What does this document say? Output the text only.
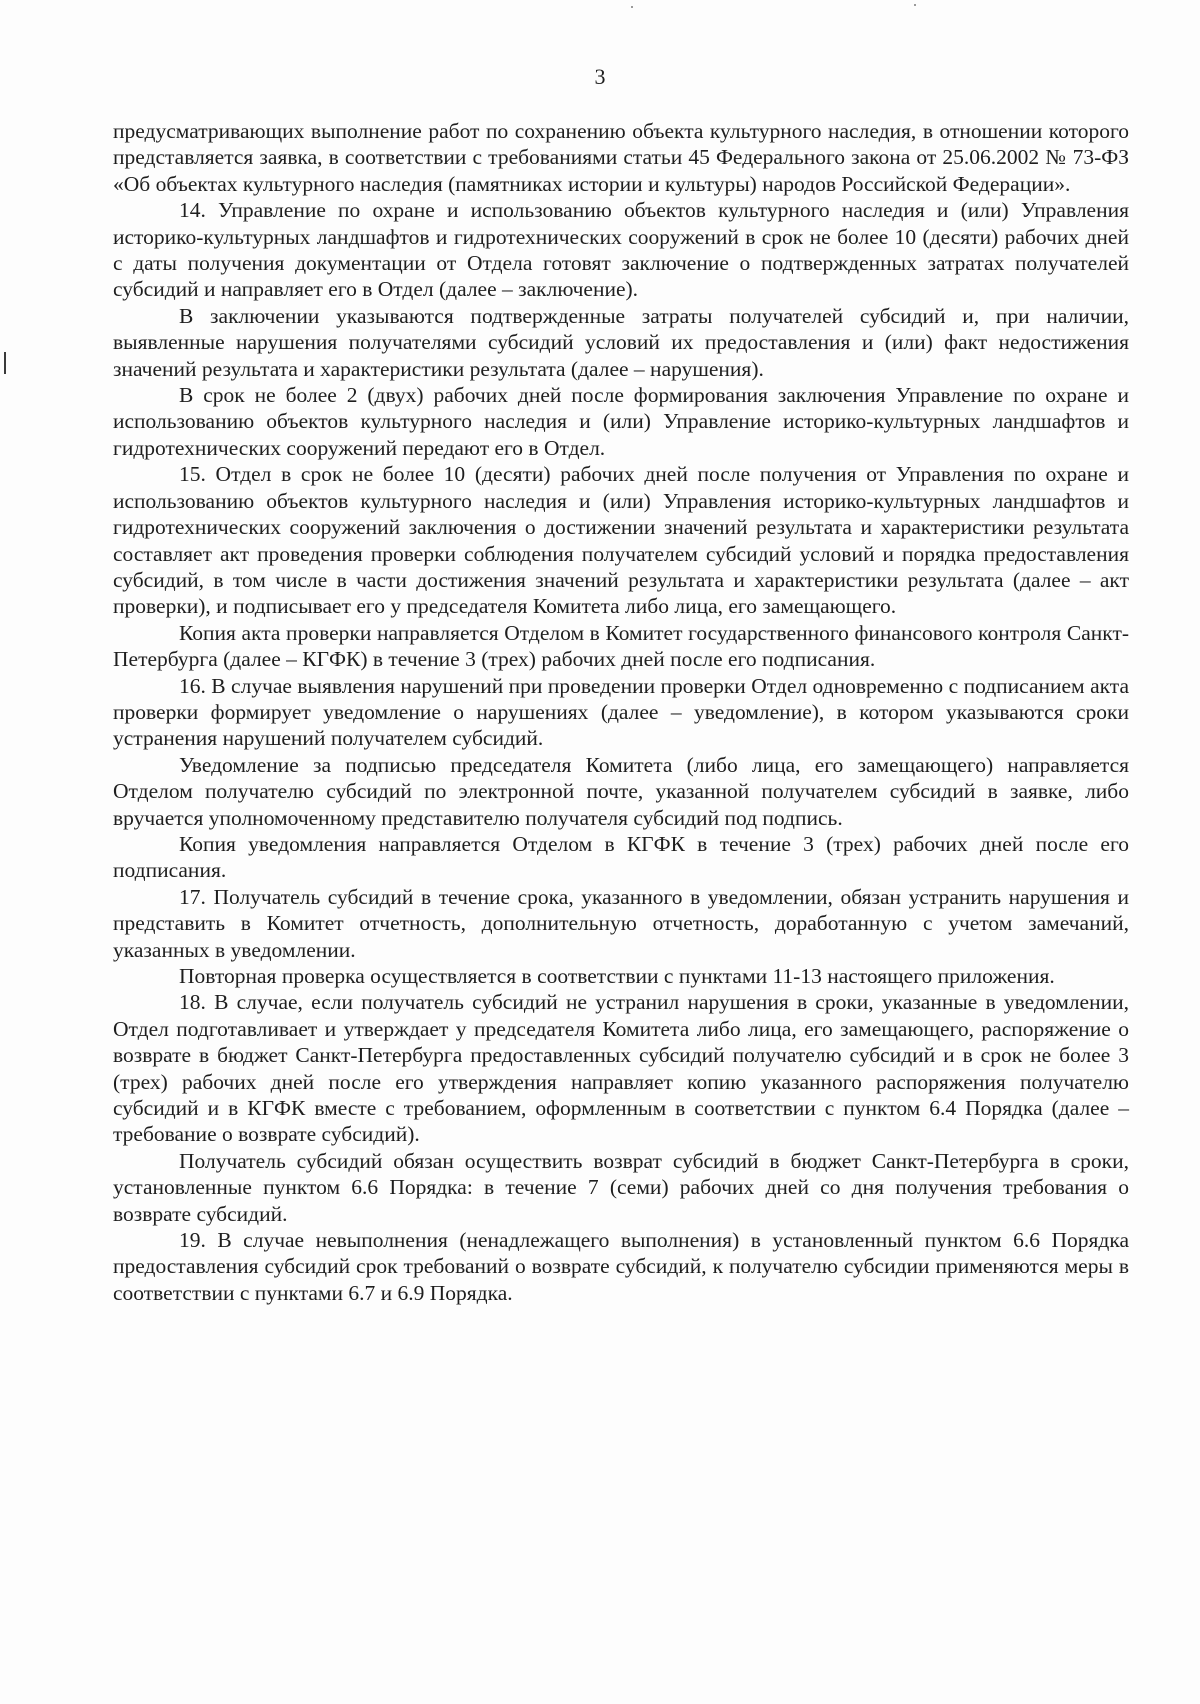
3

предусматривающих выполнение работ по сохранению объекта культурного наследия, в отношении которого представляется заявка, в соответствии с требованиями статьи 45 Федерального закона от 25.06.2002 № 73-ФЗ «Об объектах культурного наследия (памятниках истории и культуры) народов Российской Федерации».

14. Управление по охране и использованию объектов культурного наследия и (или) Управления историко-культурных ландшафтов и гидротехнических сооружений в срок не более 10 (десяти) рабочих дней с даты получения документации от Отдела готовят заключение о подтвержденных затратах получателей субсидий и направляет его в Отдел (далее – заключение).

В заключении указываются подтвержденные затраты получателей субсидий и, при наличии, выявленные нарушения получателями субсидий условий их предоставления и (или) факт недостижения значений результата и характеристики результата (далее – нарушения).

В срок не более 2 (двух) рабочих дней после формирования заключения Управление по охране и использованию объектов культурного наследия и (или) Управление историко-культурных ландшафтов и гидротехнических сооружений передают его в Отдел.

15. Отдел в срок не более 10 (десяти) рабочих дней после получения от Управления по охране и использованию объектов культурного наследия и (или) Управления историко-культурных ландшафтов и гидротехнических сооружений заключения о достижении значений результата и характеристики результата составляет акт проведения проверки соблюдения получателем субсидий условий и порядка предоставления субсидий, в том числе в части достижения значений результата и характеристики результата (далее – акт проверки), и подписывает его у председателя Комитета либо лица, его замещающего.

Копия акта проверки направляется Отделом в Комитет государственного финансового контроля Санкт-Петербурга (далее – КГФК) в течение 3 (трех) рабочих дней после его подписания.

16. В случае выявления нарушений при проведении проверки Отдел одновременно с подписанием акта проверки формирует уведомление о нарушениях (далее – уведомление), в котором указываются сроки устранения нарушений получателем субсидий.

Уведомление за подписью председателя Комитета (либо лица, его замещающего) направляется Отделом получателю субсидий по электронной почте, указанной получателем субсидий в заявке, либо вручается уполномоченному представителю получателя субсидий под подпись.

Копия уведомления направляется Отделом в КГФК в течение 3 (трех) рабочих дней после его подписания.

17. Получатель субсидий в течение срока, указанного в уведомлении, обязан устранить нарушения и представить в Комитет отчетность, дополнительную отчетность, доработанную с учетом замечаний, указанных в уведомлении.

Повторная проверка осуществляется в соответствии с пунктами 11-13 настоящего приложения.

18. В случае, если получатель субсидий не устранил нарушения в сроки, указанные в уведомлении, Отдел подготавливает и утверждает у председателя Комитета либо лица, его замещающего, распоряжение о возврате в бюджет Санкт-Петербурга предоставленных субсидий получателю субсидий и в срок не более 3 (трех) рабочих дней после его утверждения направляет копию указанного распоряжения получателю субсидий и в КГФК вместе с требованием, оформленным в соответствии с пунктом 6.4 Порядка (далее – требование о возврате субсидий).

Получатель субсидий обязан осуществить возврат субсидий в бюджет Санкт-Петербурга в сроки, установленные пунктом 6.6 Порядка: в течение 7 (семи) рабочих дней со дня получения требования о возврате субсидий.

19. В случае невыполнения (ненадлежащего выполнения) в установленный пунктом 6.6 Порядка предоставления субсидий срок требований о возврате субсидий, к получателю субсидии применяются меры в соответствии с пунктами 6.7 и 6.9 Порядка.
